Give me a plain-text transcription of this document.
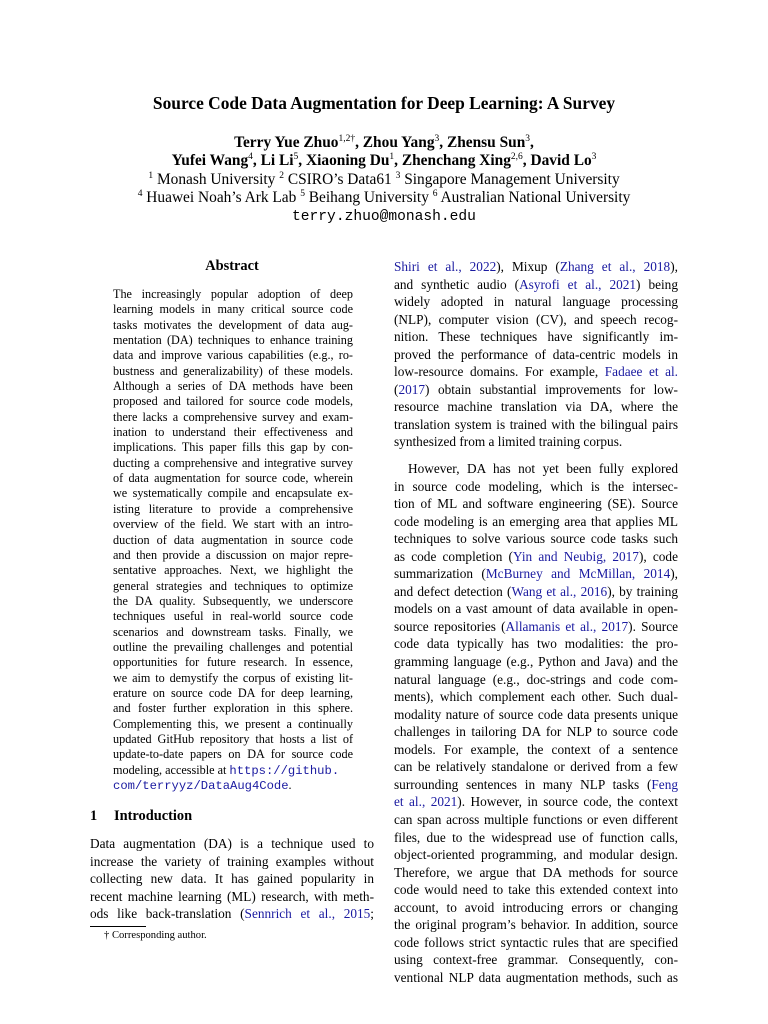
Source Code Data Augmentation for Deep Learning: A Survey
Terry Yue Zhuo$^{1,2\dagger}$, Zhou Yang$^3$, Zhensu Sun$^3$,
Yufei Wang$^4$, Li Li$^5$, Xiaoning Du$^1$, Zhenchang Xing$^{2,6}$, David Lo$^3$
$^1$ Monash University $^2$ CSIRO’s Data61 $^3$ Singapore Management University
$^4$ Huawei Noah’s Ark Lab $^5$ Beihang University $^6$ Australian National University
terry.zhuo@monash.edu
Abstract
The increasingly popular adoption of deep
learning models in many critical source code
tasks motivates the development of data aug-
mentation (DA) techniques to enhance training
data and improve various capabilities (e.g., ro-
bustness and generalizability) of these models.
Although a series of DA methods have been
proposed and tailored for source code models,
there lacks a comprehensive survey and exam-
ination to understand their effectiveness and
implications. This paper fills this gap by con-
ducting a comprehensive and integrative survey
of data augmentation for source code, wherein
we systematically compile and encapsulate ex-
isting literature to provide a comprehensive
overview of the field. We start with an intro-
duction of data augmentation in source code
and then provide a discussion on major repre-
sentative approaches. Next, we highlight the
general strategies and techniques to optimize
the DA quality. Subsequently, we underscore
techniques useful in real-world source code
scenarios and downstream tasks. Finally, we
outline the prevailing challenges and potential
opportunities for future research. In essence,
we aim to demystify the corpus of existing lit-
erature on source code DA for deep learning,
and foster further exploration in this sphere.
Complementing this, we present a continually
updated GitHub repository that hosts a list of
update-to-date papers on DA for source code
modeling, accessible at https://github.
com/terryyz/DataAug4Code.
1 Introduction
Data augmentation (DA) is a technique used to
increase the variety of training examples without
collecting new data. It has gained popularity in
recent machine learning (ML) research, with meth-
ods like back-translation (Sennrich et al., 2015;
† Corresponding author.
Shiri et al., 2022), Mixup (Zhang et al., 2018),
and synthetic audio (Asyrofi et al., 2021) being
widely adopted in natural language processing
(NLP), computer vision (CV), and speech recog-
nition. These techniques have significantly im-
proved the performance of data-centric models in
low-resource domains. For example, Fadaee et al.
(2017) obtain substantial improvements for low-
resource machine translation via DA, where the
translation system is trained with the bilingual pairs
synthesized from a limited training corpus.
However, DA has not yet been fully explored
in source code modeling, which is the intersec-
tion of ML and software engineering (SE). Source
code modeling is an emerging area that applies ML
techniques to solve various source code tasks such
as code completion (Yin and Neubig, 2017), code
summarization (McBurney and McMillan, 2014),
and defect detection (Wang et al., 2016), by training
models on a vast amount of data available in open-
source repositories (Allamanis et al., 2017). Source
code data typically has two modalities: the pro-
gramming language (e.g., Python and Java) and the
natural language (e.g., doc-strings and code com-
ments), which complement each other. Such dual-
modality nature of source code data presents unique
challenges in tailoring DA for NLP to source code
models. For example, the context of a sentence
can be relatively standalone or derived from a few
surrounding sentences in many NLP tasks (Feng
et al., 2021). However, in source code, the context
can span across multiple functions or even different
files, due to the widespread use of function calls,
object-oriented programming, and modular design.
Therefore, we argue that DA methods for source
code would need to take this extended context into
account, to avoid introducing errors or changing
the original program’s behavior. In addition, source
code follows strict syntactic rules that are specified
using context-free grammar. Consequently, con-
ventional NLP data augmentation methods, such as
